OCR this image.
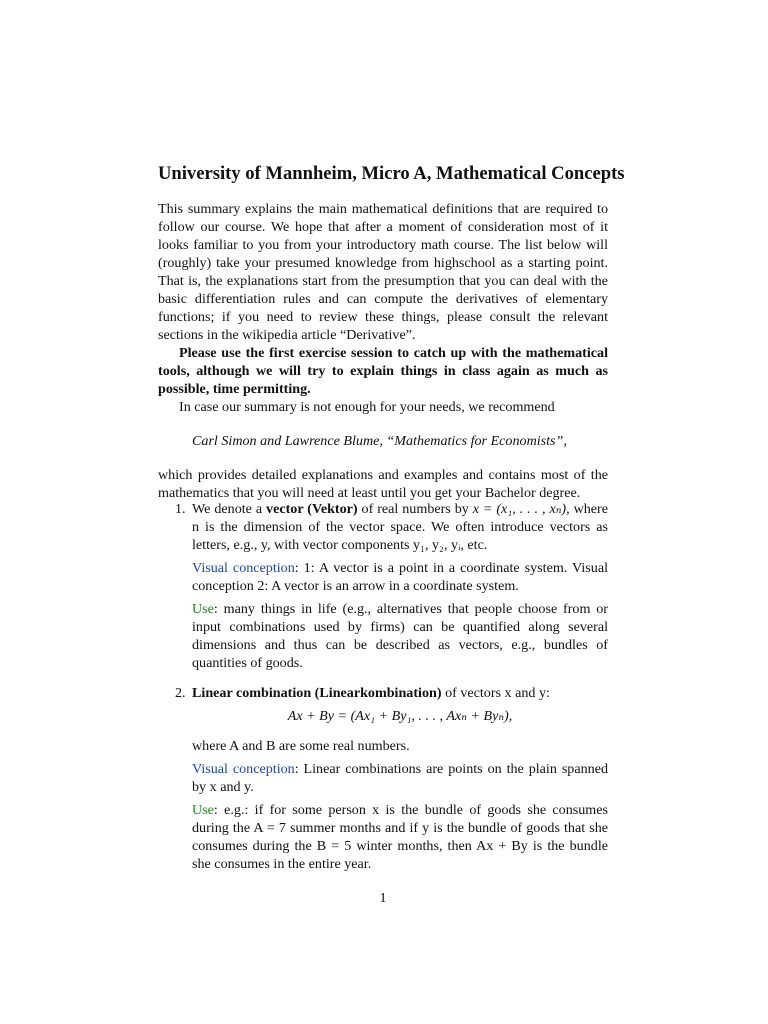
University of Mannheim, Micro A, Mathematical Concepts

This summary explains the main mathematical definitions that are required to follow our course. We hope that after a moment of consideration most of it looks familiar to you from your introductory math course. The list below will (roughly) take your presumed knowledge from highschool as a starting point. That is, the explanations start from the presumption that you can deal with the basic differentiation rules and can compute the derivatives of elementary functions; if you need to review these things, please consult the relevant sections in the wikipedia article “Derivative”.

Please use the first exercise session to catch up with the mathematical tools, although we will try to explain things in class again as much as possible, time permitting.

In case our summary is not enough for your needs, we recommend

Carl Simon and Lawrence Blume, “Mathematics for Economists”,

which provides detailed explanations and examples and contains most of the mathematics that you will need at least until you get your Bachelor degree.

1. We denote a vector (Vektor) of real numbers by x = (x₁, . . . , xₙ), where n is the dimension of the vector space. We often introduce vectors as letters, e.g., y, with vector components y₁, y₂, yᵢ, etc.

Visual conception: 1: A vector is a point in a coordinate system. Visual conception 2: A vector is an arrow in a coordinate system.

Use: many things in life (e.g., alternatives that people choose from or input combinations used by firms) can be quantified along several dimensions and thus can be described as vectors, e.g., bundles of quantities of goods.

2. Linear combination (Linearkombination) of vectors x and y:

Ax + By = (Ax₁ + By₁, . . . , Axₙ + Byₙ),

where A and B are some real numbers.

Visual conception: Linear combinations are points on the plain spanned by x and y.

Use: e.g.: if for some person x is the bundle of goods she consumes during the A = 7 summer months and if y is the bundle of goods that she consumes during the B = 5 winter months, then Ax + By is the bundle she consumes in the entire year.

1
